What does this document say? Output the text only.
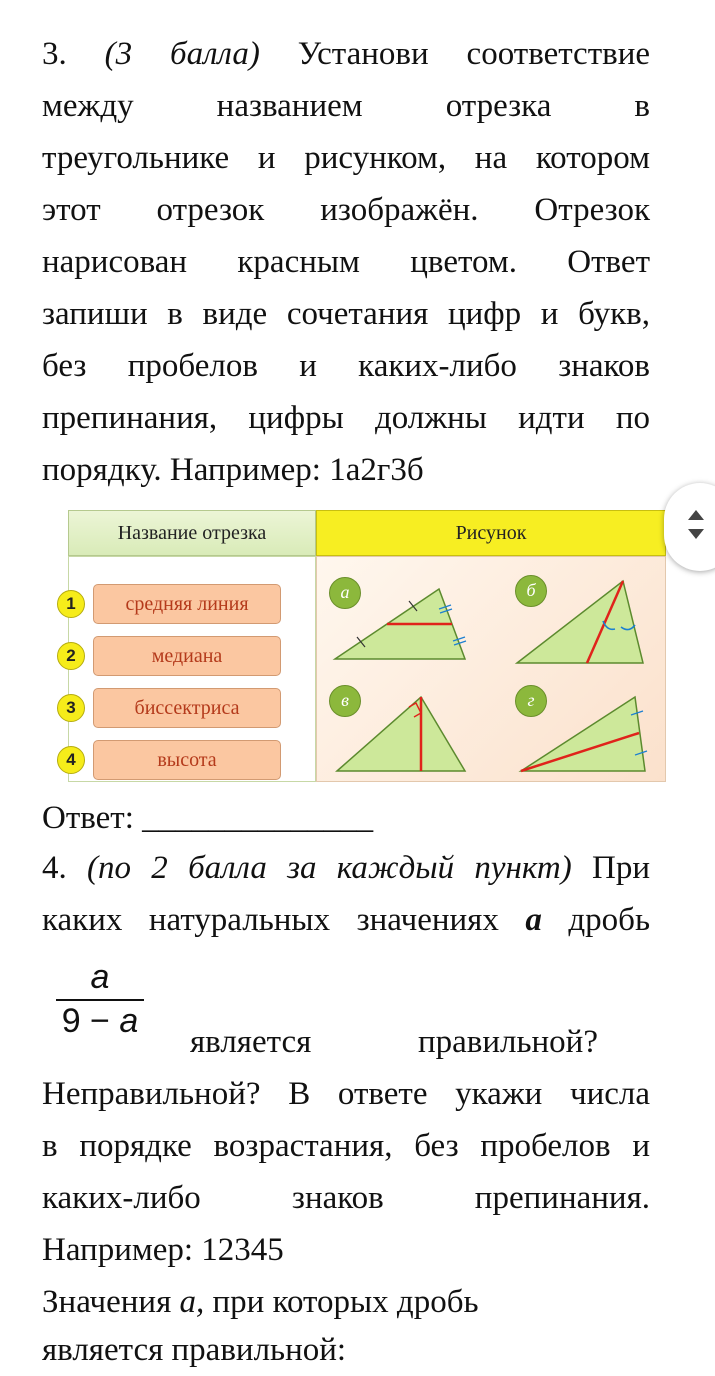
3. (3 балла) Установи соответствие

между названием отрезка в

треугольнике и рисунком, на котором

этот отрезок изображён. Отрезок

нарисован красным цветом. Ответ

запиши в виде сочетания цифр и букв,

без пробелов и каких-либо знаков

препинания, цифры должны идти по

порядку. Например: 1а2г3б

Название отрезка	Рисунок
1	средняя линия
2	медиана
3	биссектриса
4	высота
а	б
в	г

Ответ: ______________

4. (по 2 балла за каждый пункт) При

каких натуральных значениях а дробь

a
9 − a

является правильной?

Неправильной? В ответе укажи числа

в порядке возрастания, без пробелов и

каких-либо знаков препинания.

Например: 12345

Значения а, при которых дробь

является правильной:
